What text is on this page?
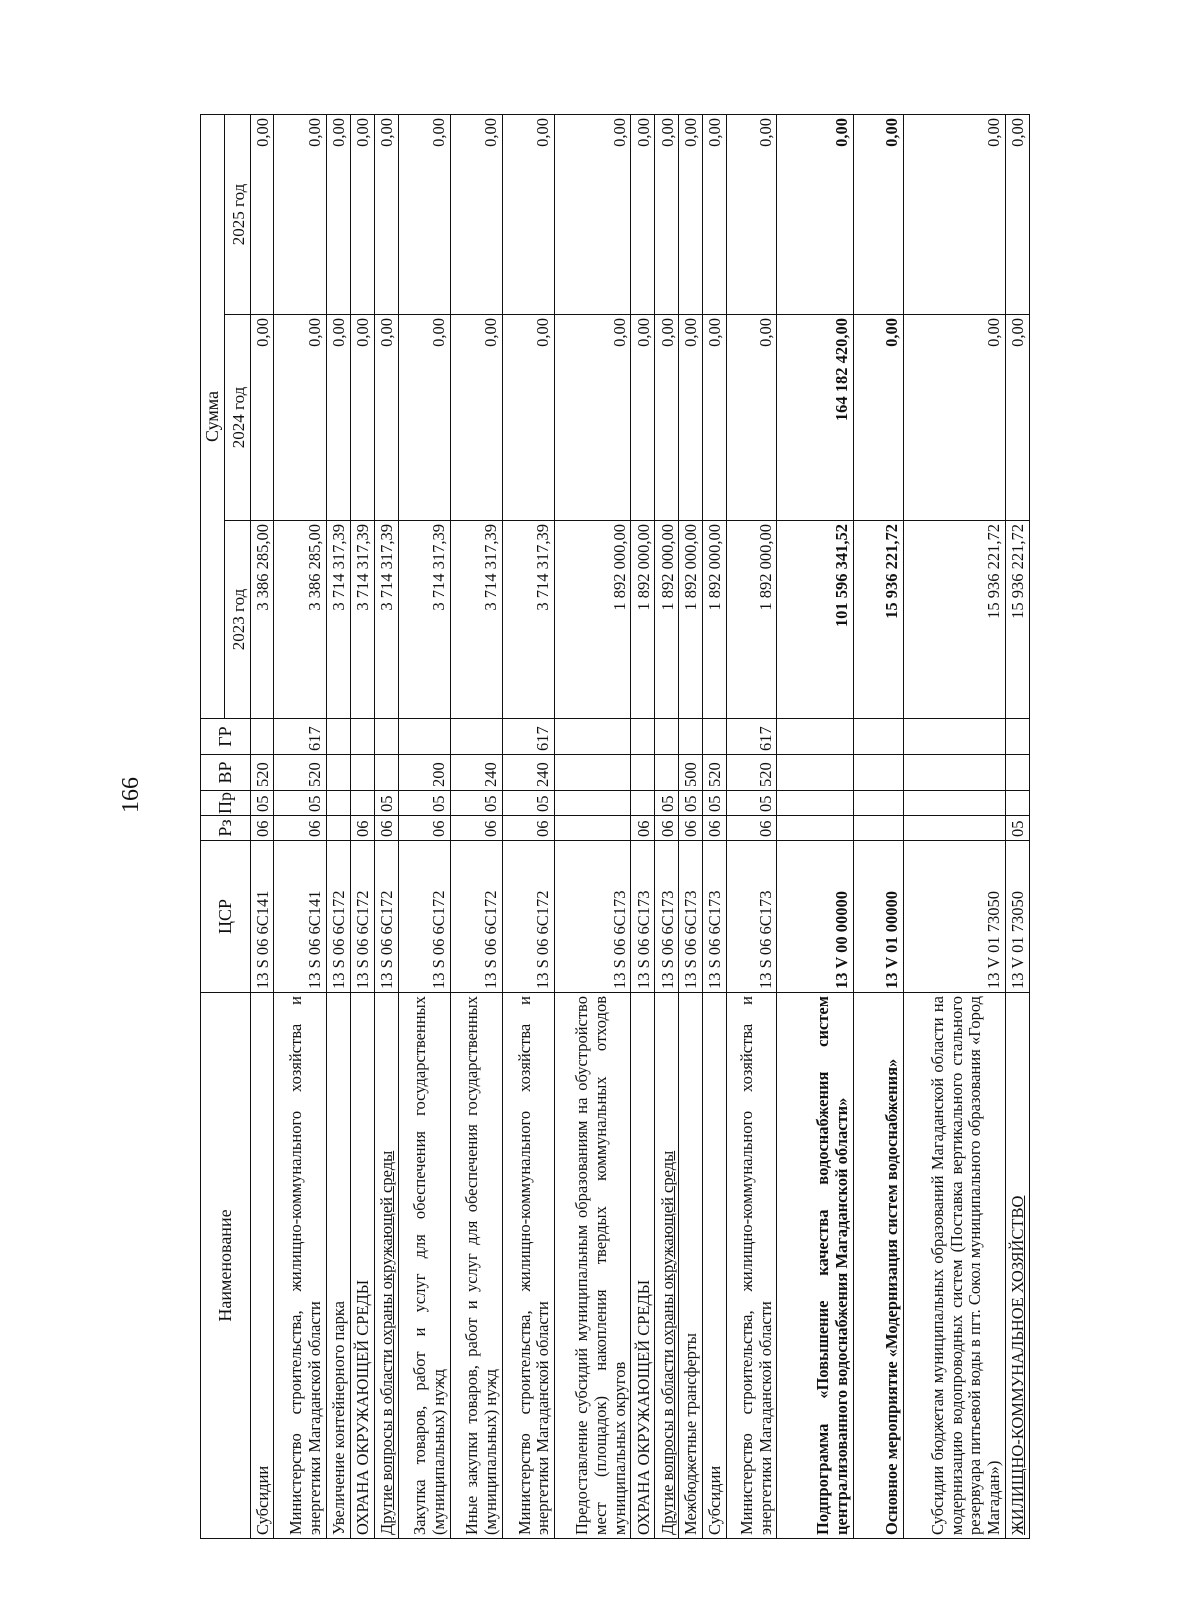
166
Наименование	ЦСР	Рз	Пр	ВР	ГР	Сумма		
						2023 год	2024 год	2025 год
Субсидии	13 S 06 6С141	06	05	520		3 386 285,00	0,00	0,00
Министерство строительства, жилищно-коммунального хозяйства и энергетики Магаданской области	13 S 06 6С141	06	05	520	617	3 386 285,00	0,00	0,00
Увеличение контейнерного парка	13 S 06 6С172					3 714 317,39	0,00	0,00
ОХРАНА ОКРУЖАЮЩЕЙ СРЕДЫ	13 S 06 6С172	06				3 714 317,39	0,00	0,00
Другие вопросы в области охраны окружающей среды	13 S 06 6С172	06	05			3 714 317,39	0,00	0,00
Закупка товаров, работ и услуг для обеспечения государственных (муниципальных) нужд	13 S 06 6С172	06	05	200		3 714 317,39	0,00	0,00
Иные закупки товаров, работ и услуг для обеспечения государственных (муниципальных) нужд	13 S 06 6С172	06	05	240		3 714 317,39	0,00	0,00
Министерство строительства, жилищно-коммунального хозяйства и энергетики Магаданской области	13 S 06 6С172	06	05	240	617	3 714 317,39	0,00	0,00
Предоставление субсидий муниципальным образованиям на обустройство мест (площадок) накопления твердых коммунальных отходов муниципальных округов	13 S 06 6С173					1 892 000,00	0,00	0,00
ОХРАНА ОКРУЖАЮЩЕЙ СРЕДЫ	13 S 06 6С173	06				1 892 000,00	0,00	0,00
Другие вопросы в области охраны окружающей среды	13 S 06 6С173	06	05			1 892 000,00	0,00	0,00
Межбюджетные трансферты	13 S 06 6С173	06	05	500		1 892 000,00	0,00	0,00
Субсидии	13 S 06 6С173	06	05	520		1 892 000,00	0,00	0,00
Министерство строительства, жилищно-коммунального хозяйства и энергетики Магаданской области	13 S 06 6С173	06	05	520	617	1 892 000,00	0,00	0,00
Подпрограмма «Повышение качества водоснабжения систем централизованного водоснабжения Магаданской области»	13 V 00 00000					101 596 341,52	164 182 420,00	0,00
Основное мероприятие «Модернизация систем водоснабжения»	13 V 01 00000					15 936 221,72	0,00	0,00
Субсидии бюджетам муниципальных образований Магаданской области на модернизацию водопроводных систем (Поставка вертикального стального резервуара питьевой воды в пгт. Сокол муниципального образования «Город Магадан»)	13 V 01 73050					15 936 221,72	0,00	0,00
ЖИЛИЩНО-КОММУНАЛЬНОЕ ХОЗЯЙСТВО	13 V 01 73050	05				15 936 221,72	0,00	0,00
